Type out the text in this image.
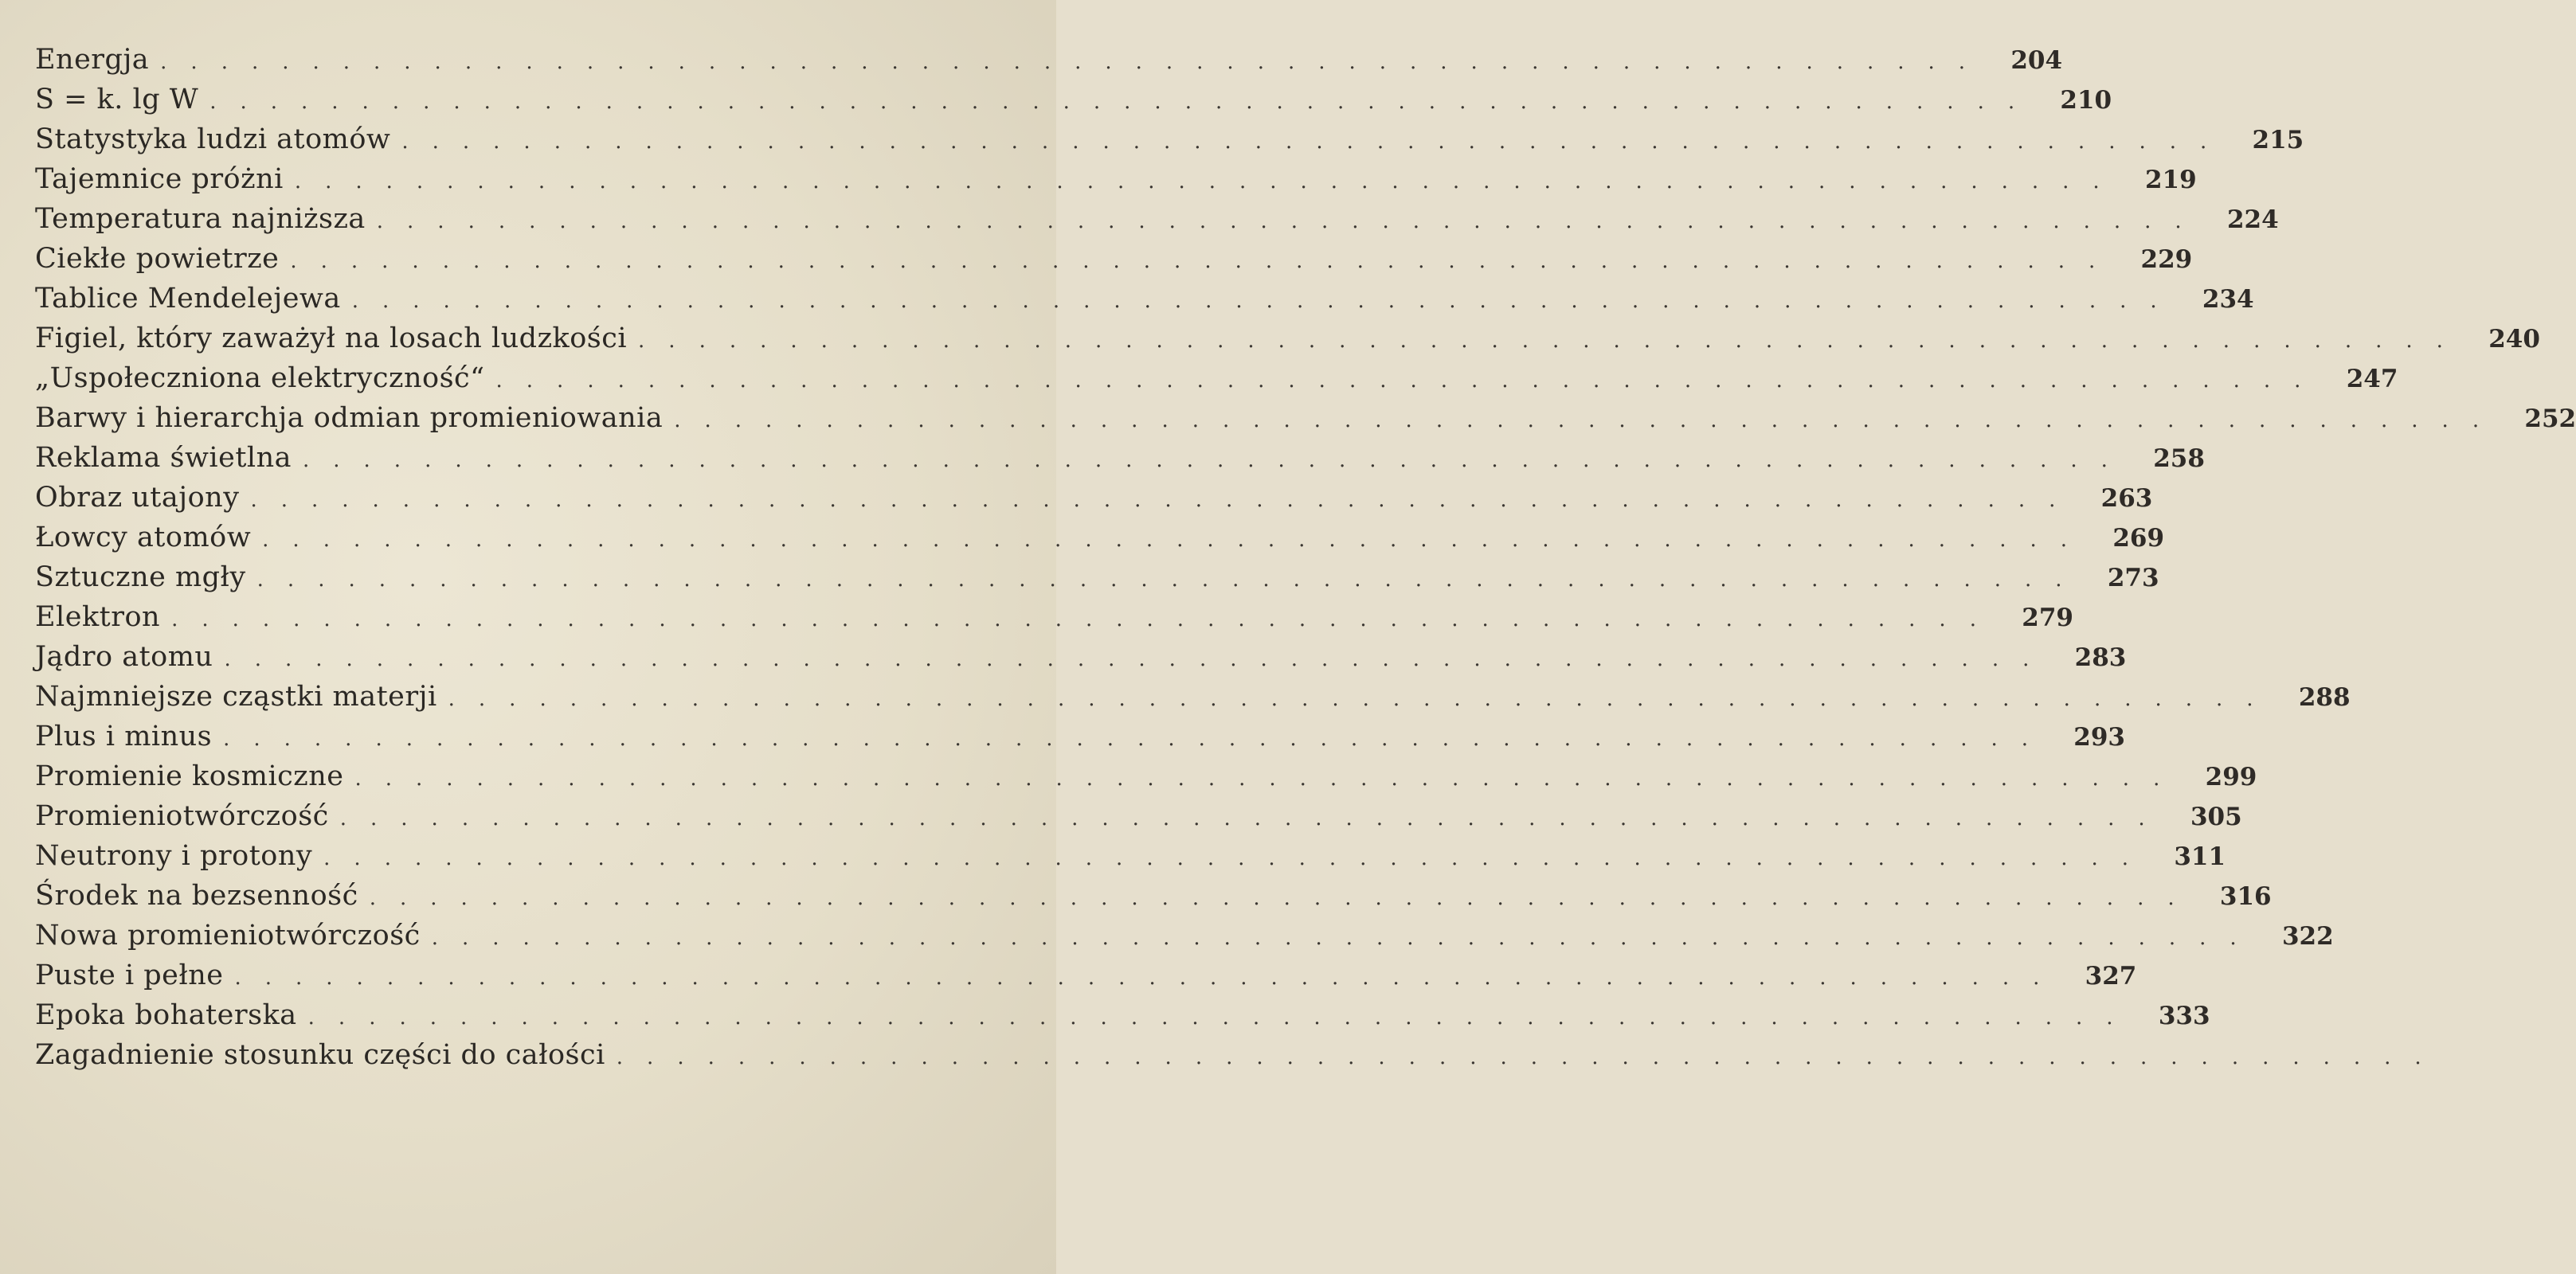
Energja ............................................................ 204
S = k. lg W ............................................................ 210
Statystyka ludzi atomów ............................................................ 215
Tajemnice próżni ............................................................ 219
Temperatura najniższa ............................................................ 224
Ciekłe powietrze ............................................................ 229
Tablice Mendelejewa ............................................................ 234
Figiel, który zaważył na losach ludzkości ............................................................ 240
„Uspołeczniona elektryczność“ ............................................................ 247
Barwy i hierarchja odmian promieniowania ............................................................ 252
Reklama świetlna ............................................................ 258
Obraz utajony ............................................................ 263
Łowcy atomów ............................................................ 269
Sztuczne mgły ............................................................ 273
Elektron ............................................................ 279
Jądro atomu ............................................................ 283
Najmniejsze cząstki materji ............................................................ 288
Plus i minus ............................................................ 293
Promienie kosmiczne ............................................................ 299
Promieniotwórczość ............................................................ 305
Neutrony i protony ............................................................ 311
Środek na bezsenność ............................................................ 316
Nowa promieniotwórczość ............................................................ 322
Puste i pełne ............................................................ 327
Epoka bohaterska ............................................................ 333
Zagadnienie stosunku części do całości ............................................................
